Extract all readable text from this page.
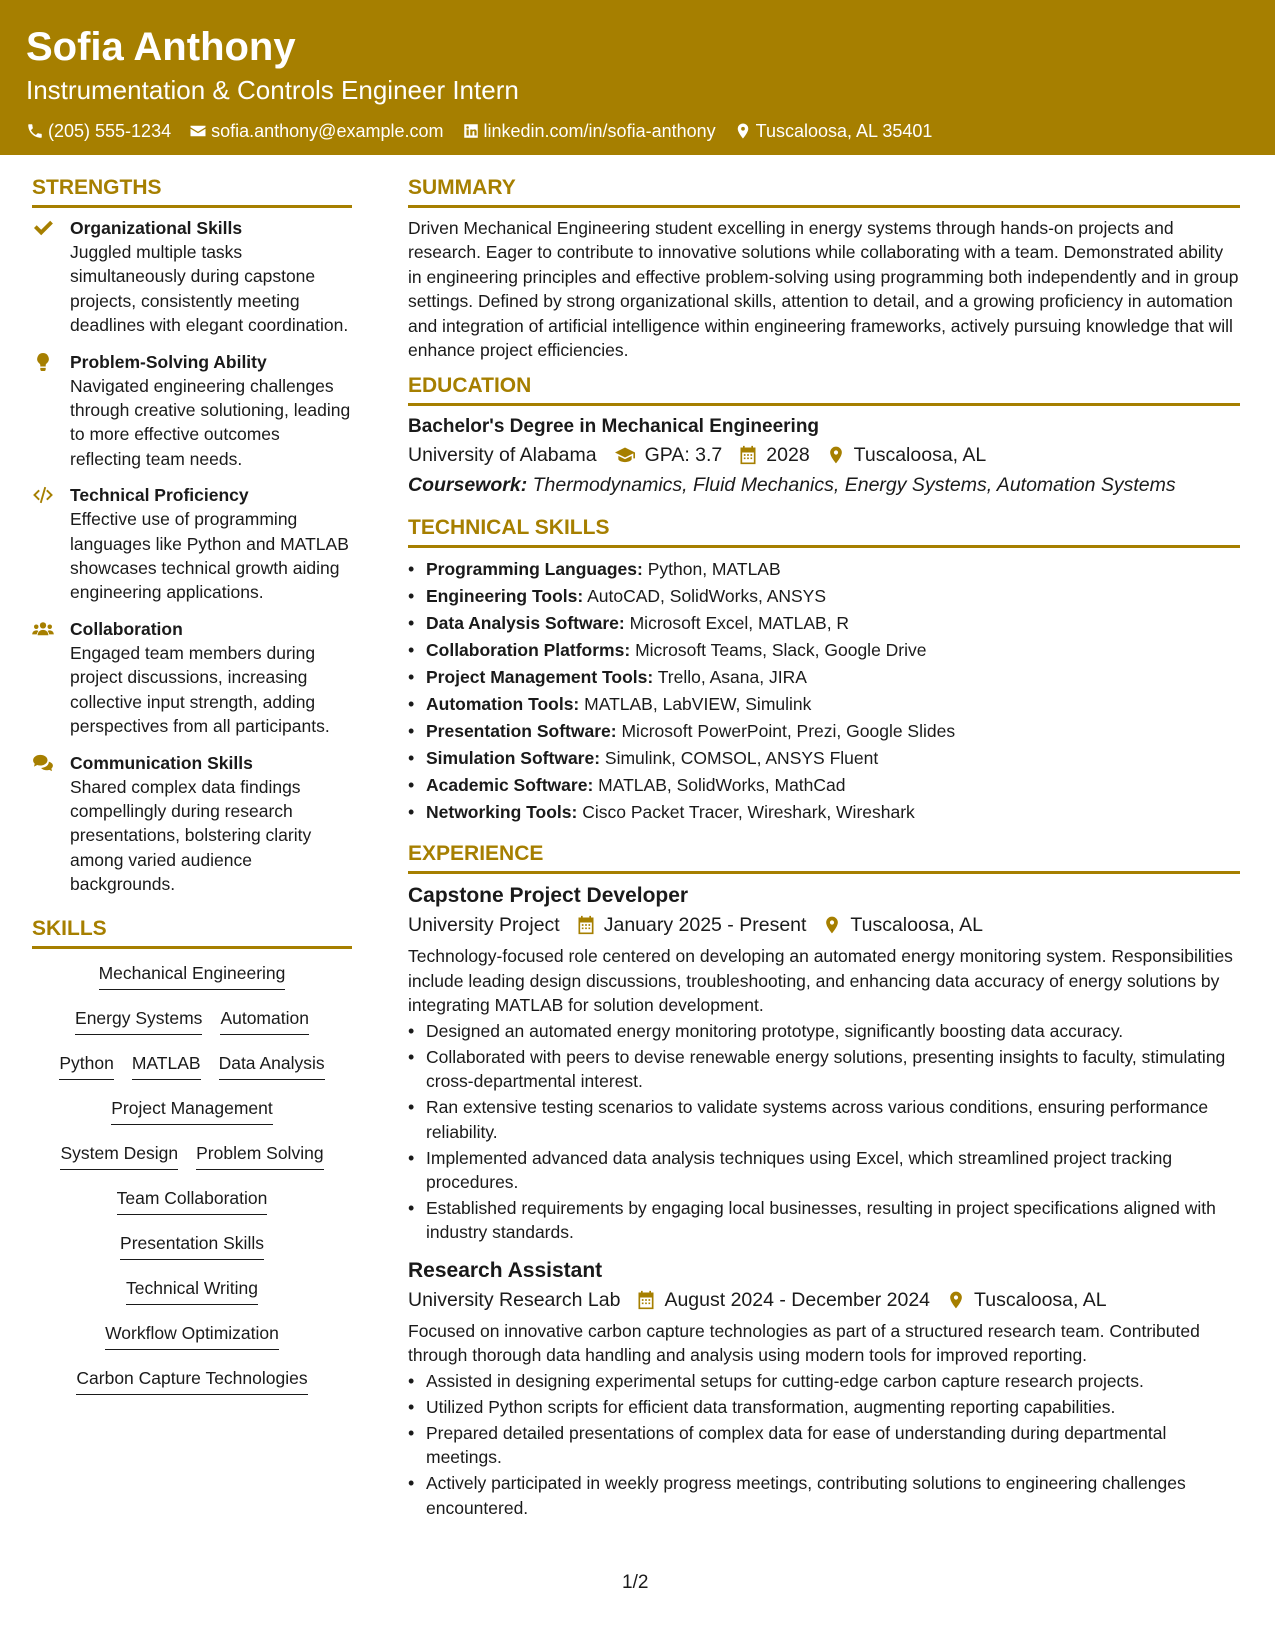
Sofia Anthony
Instrumentation & Controls Engineer Intern
(205) 555-1234 sofia.anthony@example.com linkedin.com/in/sofia-anthony Tuscaloosa, AL 35401
STRENGTHS
Organizational Skills
Juggled multiple tasks simultaneously during capstone projects, consistently meeting deadlines with elegant coordination.
Problem-Solving Ability
Navigated engineering challenges through creative solutioning, leading to more effective outcomes reflecting team needs.
Technical Proficiency
Effective use of programming languages like Python and MATLAB showcases technical growth aiding engineering applications.
Collaboration
Engaged team members during project discussions, increasing collective input strength, adding perspectives from all participants.
Communication Skills
Shared complex data findings compellingly during research presentations, bolstering clarity among varied audience backgrounds.
SKILLS
Mechanical Engineering
Energy Systems Automation
Python MATLAB Data Analysis
Project Management
System Design Problem Solving
Team Collaboration
Presentation Skills
Technical Writing
Workflow Optimization
Carbon Capture Technologies
SUMMARY
Driven Mechanical Engineering student excelling in energy systems through hands-on projects and research. Eager to contribute to innovative solutions while collaborating with a team. Demonstrated ability in engineering principles and effective problem-solving using programming both independently and in group settings. Defined by strong organizational skills, attention to detail, and a growing proficiency in automation and integration of artificial intelligence within engineering frameworks, actively pursuing knowledge that will enhance project efficiencies.
EDUCATION
Bachelor's Degree in Mechanical Engineering
University of Alabama GPA: 3.7 2028 Tuscaloosa, AL
Coursework: Thermodynamics, Fluid Mechanics, Energy Systems, Automation Systems
TECHNICAL SKILLS
• Programming Languages: Python, MATLAB
• Engineering Tools: AutoCAD, SolidWorks, ANSYS
• Data Analysis Software: Microsoft Excel, MATLAB, R
• Collaboration Platforms: Microsoft Teams, Slack, Google Drive
• Project Management Tools: Trello, Asana, JIRA
• Automation Tools: MATLAB, LabVIEW, Simulink
• Presentation Software: Microsoft PowerPoint, Prezi, Google Slides
• Simulation Software: Simulink, COMSOL, ANSYS Fluent
• Academic Software: MATLAB, SolidWorks, MathCad
• Networking Tools: Cisco Packet Tracer, Wireshark, Wireshark
EXPERIENCE
Capstone Project Developer
University Project January 2025 - Present Tuscaloosa, AL
Technology-focused role centered on developing an automated energy monitoring system. Responsibilities include leading design discussions, troubleshooting, and enhancing data accuracy of energy solutions by integrating MATLAB for solution development.
• Designed an automated energy monitoring prototype, significantly boosting data accuracy.
• Collaborated with peers to devise renewable energy solutions, presenting insights to faculty, stimulating cross-departmental interest.
• Ran extensive testing scenarios to validate systems across various conditions, ensuring performance reliability.
• Implemented advanced data analysis techniques using Excel, which streamlined project tracking procedures.
• Established requirements by engaging local businesses, resulting in project specifications aligned with industry standards.
Research Assistant
University Research Lab August 2024 - December 2024 Tuscaloosa, AL
Focused on innovative carbon capture technologies as part of a structured research team. Contributed through thorough data handling and analysis using modern tools for improved reporting.
• Assisted in designing experimental setups for cutting-edge carbon capture research projects.
• Utilized Python scripts for efficient data transformation, augmenting reporting capabilities.
• Prepared detailed presentations of complex data for ease of understanding during departmental meetings.
• Actively participated in weekly progress meetings, contributing solutions to engineering challenges encountered.
1/2
